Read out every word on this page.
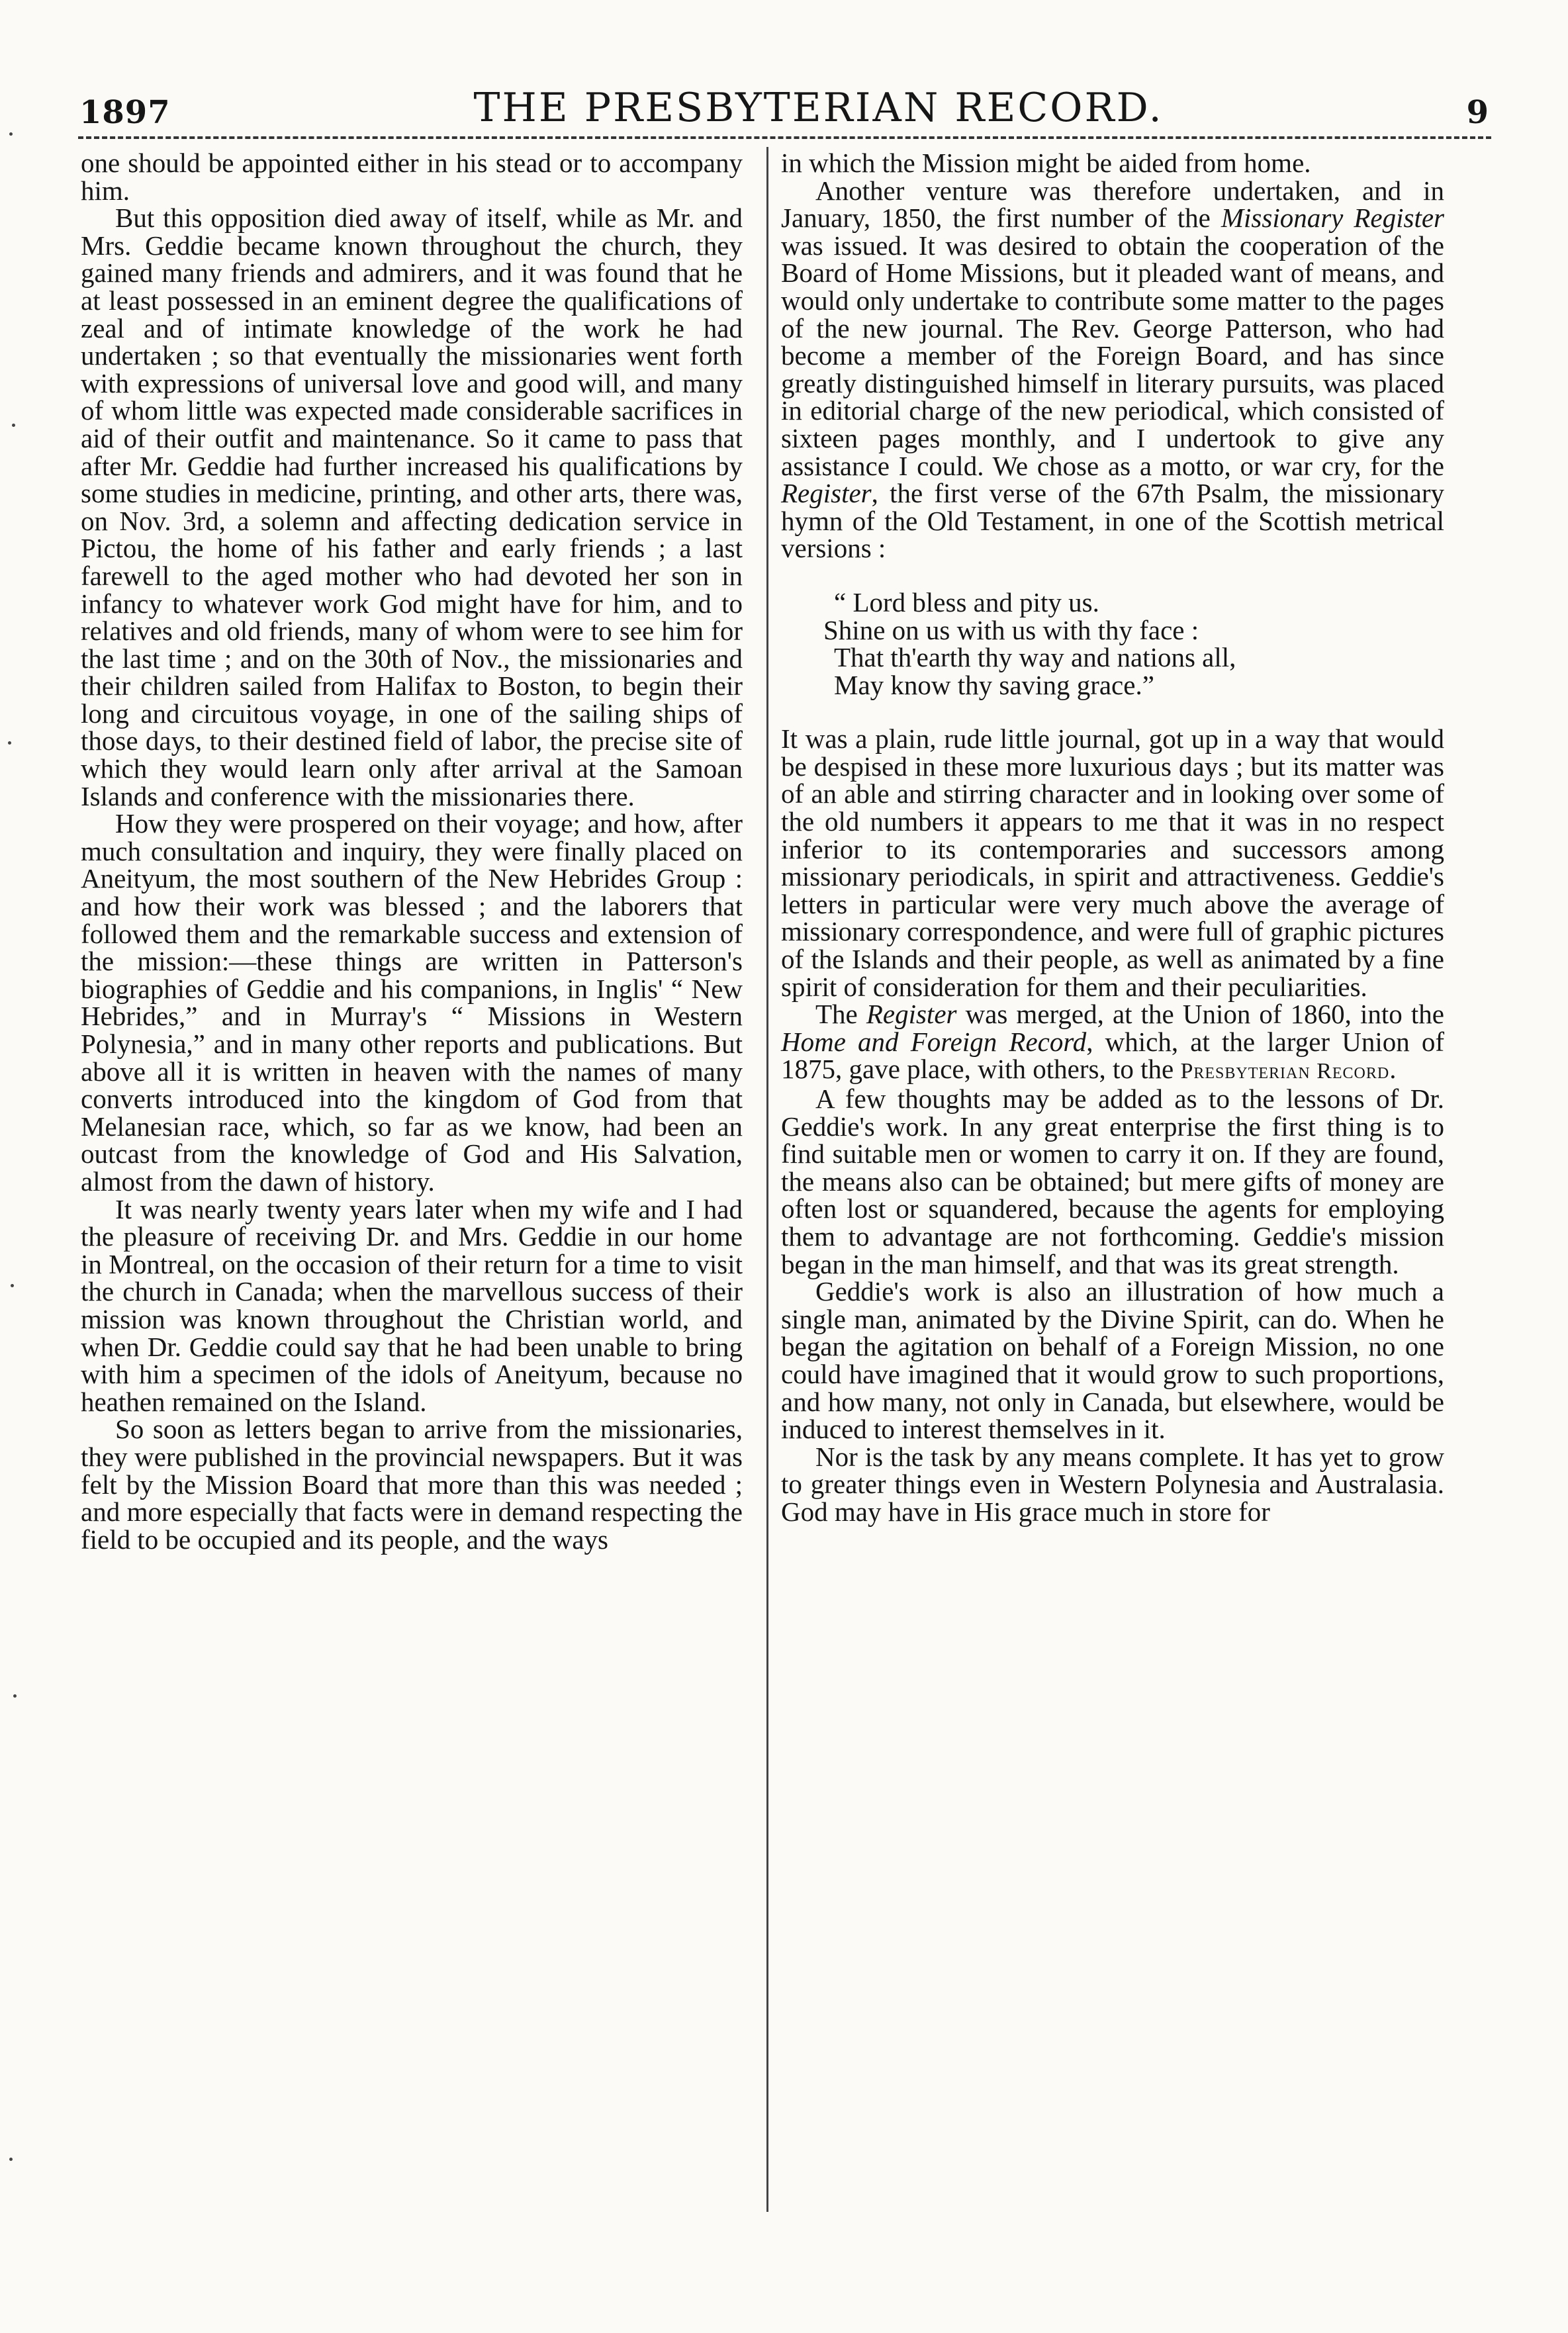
1897	THE PRESBYTERIAN RECORD.	9

one should be appointed either in his stead or to accompany him.

But this opposition died away of itself, while as Mr. and Mrs. Geddie became known throughout the church, they gained many friends and admirers, and it was found that he at least possessed in an eminent degree the qualifications of zeal and of intimate knowledge of the work he had undertaken ; so that eventually the missionaries went forth with expressions of universal love and good will, and many of whom little was expected made considerable sacrifices in aid of their outfit and maintenance. So it came to pass that after Mr. Geddie had further increased his qualifications by some studies in medicine, printing, and other arts, there was, on Nov. 3rd, a solemn and affecting dedication service in Pictou, the home of his father and early friends ; a last farewell to the aged mother who had devoted her son in infancy to whatever work God might have for him, and to relatives and old friends, many of whom were to see him for the last time ; and on the 30th of Nov., the missionaries and their children sailed from Halifax to Boston, to begin their long and circuitous voyage, in one of the sailing ships of those days, to their destined field of labor, the precise site of which they would learn only after arrival at the Samoan Islands and conference with the missionaries there.

How they were prospered on their voyage; and how, after much consultation and inquiry, they were finally placed on Aneityum, the most southern of the New Hebrides Group : and how their work was blessed ; and the laborers that followed them and the remarkable success and extension of the mission:—these things are written in Patterson's biographies of Geddie and his companions, in Inglis' “ New Hebrides,” and in Murray's “ Missions in Western Polynesia,” and in many other reports and publications. But above all it is written in heaven with the names of many converts introduced into the kingdom of God from that Melanesian race, which, so far as we know, had been an outcast from the knowledge of God and His Salvation, almost from the dawn of history.

It was nearly twenty years later when my wife and I had the pleasure of receiving Dr. and Mrs. Geddie in our home in Montreal, on the occasion of their return for a time to visit the church in Canada; when the marvellous success of their mission was known throughout the Christian world, and when Dr. Geddie could say that he had been unable to bring with him a specimen of the idols of Aneityum, because no heathen remained on the Island.

So soon as letters began to arrive from the missionaries, they were published in the provincial newspapers. But it was felt by the Mission Board that more than this was needed ; and more especially that facts were in demand respecting the field to be occupied and its people, and the ways

in which the Mission might be aided from home.

Another venture was therefore undertaken, and in January, 1850, the first number of the Missionary Register was issued. It was desired to obtain the cooperation of the Board of Home Missions, but it pleaded want of means, and would only undertake to contribute some matter to the pages of the new journal. The Rev. George Patterson, who had become a member of the Foreign Board, and has since greatly distinguished himself in literary pursuits, was placed in editorial charge of the new periodical, which consisted of sixteen pages monthly, and I undertook to give any assistance I could. We chose as a motto, or war cry, for the Register, the first verse of the 67th Psalm, the missionary hymn of the Old Testament, in one of the Scottish metrical versions :

“ Lord bless and pity us.
Shine on us with us with thy face :
That th'earth thy way and nations all,
May know thy saving grace.”

It was a plain, rude little journal, got up in a way that would be despised in these more luxurious days ; but its matter was of an able and stirring character and in looking over some of the old numbers it appears to me that it was in no respect inferior to its contemporaries and successors among missionary periodicals, in spirit and attractiveness. Geddie's letters in particular were very much above the average of missionary correspondence, and were full of graphic pictures of the Islands and their people, as well as animated by a fine spirit of consideration for them and their peculiarities.

The Register was merged, at the Union of 1860, into the Home and Foreign Record, which, at the larger Union of 1875, gave place, with others, to the Presbyterian Record.

A few thoughts may be added as to the lessons of Dr. Geddie's work. In any great enterprise the first thing is to find suitable men or women to carry it on. If they are found, the means also can be obtained; but mere gifts of money are often lost or squandered, because the agents for employing them to advantage are not forthcoming. Geddie's mission began in the man himself, and that was its great strength.

Geddie's work is also an illustration of how much a single man, animated by the Divine Spirit, can do. When he began the agitation on behalf of a Foreign Mission, no one could have imagined that it would grow to such proportions, and how many, not only in Canada, but elsewhere, would be induced to interest themselves in it.

Nor is the task by any means complete. It has yet to grow to greater things even in Western Polynesia and Australasia. God may have in His grace much in store for
